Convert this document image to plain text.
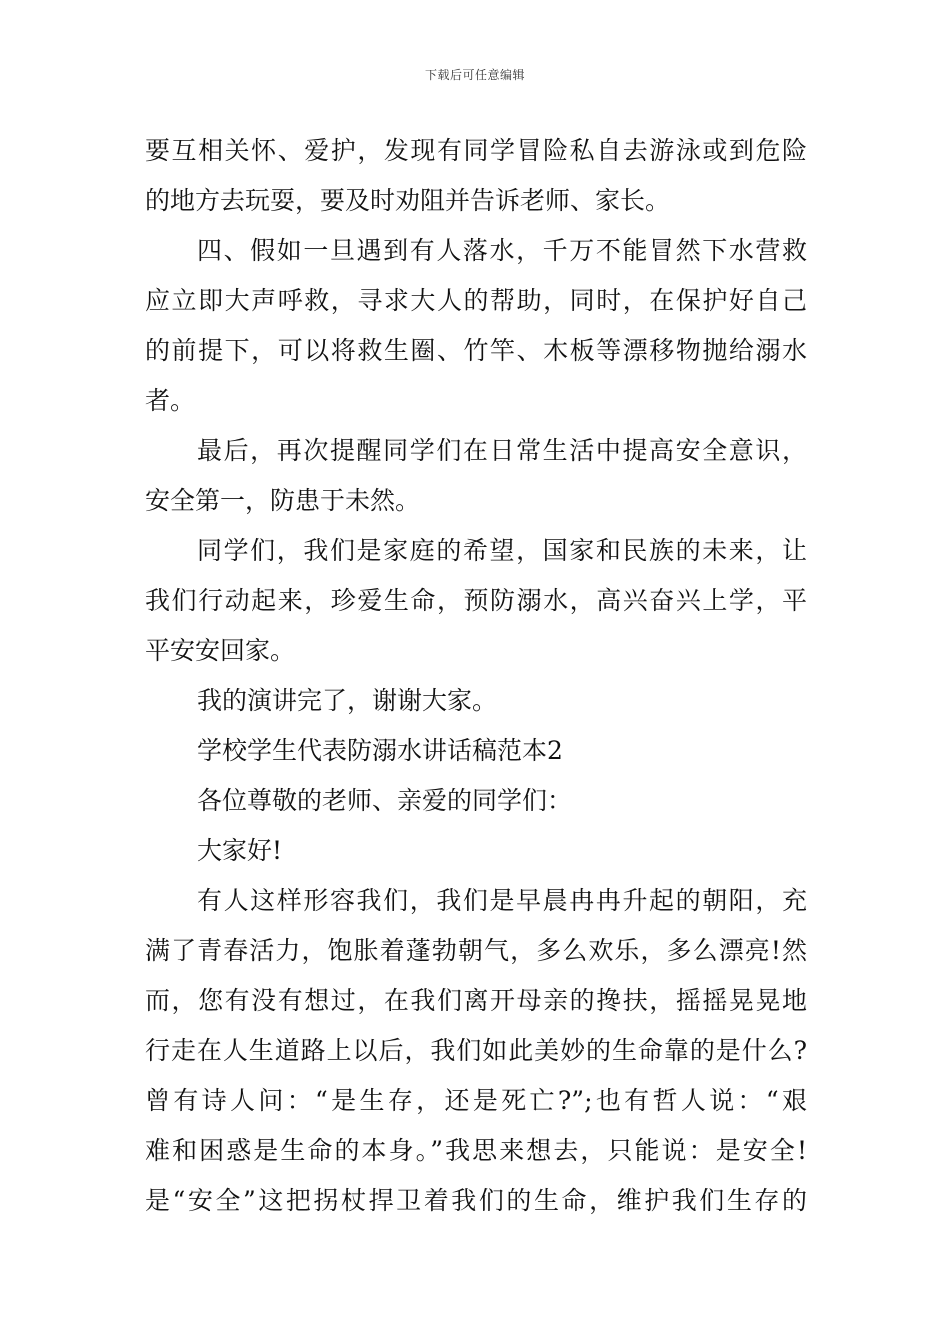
下载后可任意编辑
要互相关怀、爱护，发现有同学冒险私自去游泳或到危险
的地方去玩耍，要及时劝阻并告诉老师、家长。
四、假如一旦遇到有人落水，千万不能冒然下水营救
应立即大声呼救，寻求大人的帮助，同时，在保护好自己
的前提下，可以将救生圈、竹竿、木板等漂移物抛给溺水
者。
最后，再次提醒同学们在日常生活中提高安全意识，
安全第一，防患于未然。
同学们，我们是家庭的希望，国家和民族的未来，让
我们行动起来，珍爱生命，预防溺水，高兴奋兴上学，平
平安安回家。
我的演讲完了，谢谢大家。
学校学生代表防溺水讲话稿范本2
各位尊敬的老师、亲爱的同学们：
大家好!
有人这样形容我们，我们是早晨冉冉升起的朝阳，充
满了青春活力，饱胀着蓬勃朝气，多么欢乐，多么漂亮!然
而，您有没有想过，在我们离开母亲的搀扶，摇摇晃晃地
行走在人生道路上以后，我们如此美妙的生命靠的是什么?
曾有诗人问：“是生存，还是死亡?”;也有哲人说：“艰
难和困惑是生命的本身。”我思来想去，只能说：是安全!
是“安全”这把拐杖捍卫着我们的生命，维护我们生存的
